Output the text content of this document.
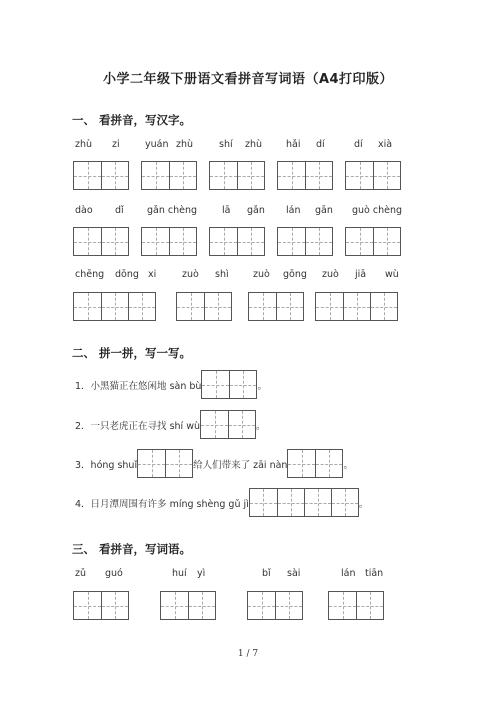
小学二年级下册语文看拼音写词语（A4打印版）
一、 看拼音，写汉字。
zhù zi	yuán zhù	shí zhù	hǎi dí	dí xià
dào dǐ gǎn chèng	lā gǎn lán gān guò chèng
chēng dōng xi	zuò shì	zuò gōng zuò jiā wù
二、 拼一拼，写一写。
1．小黑猫正在悠闲地 sàn bù	。
2．一只老虎正在寻找 shí wù	。
3．hóng shuǐ	给人们带来了 zāi nàn	。
4．日月潭周围有许多 míng shèng gǔ jì	。
三、 看拼音，写词语。
zǔ guó	huí yì	bǐ sài	lán tiān
1 / 7
